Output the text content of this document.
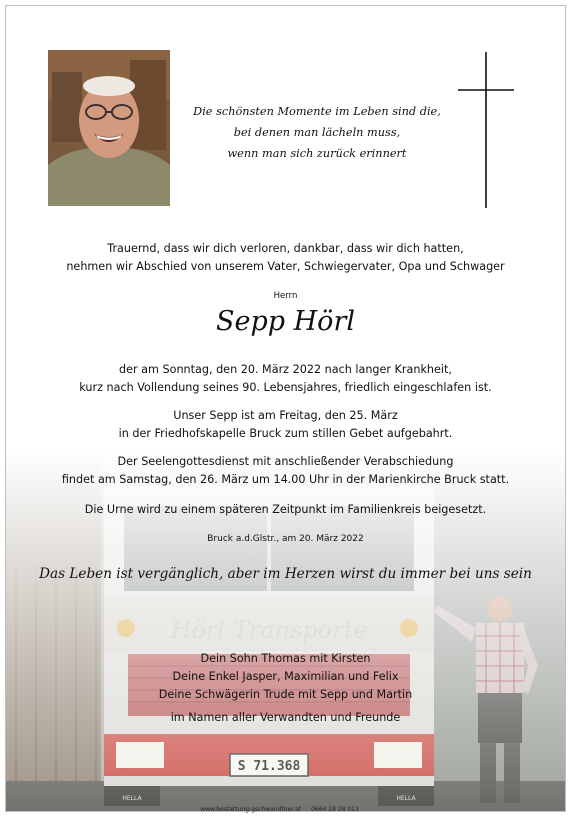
Die schönsten Momente im Leben sind die,
bei denen man lächeln muss,
wenn man sich zurück erinnert
Trauernd, dass wir dich verloren, dankbar, dass wir dich hatten,
nehmen wir Abschied von unserem Vater, Schwiegervater, Opa und Schwager
Herrn
Sepp Hörl
der am Sonntag, den 20. März 2022 nach langer Krankheit,
kurz nach Vollendung seines 90. Lebensjahres, friedlich eingeschlafen ist.
Unser Sepp ist am Freitag, den 25. März
in der Friedhofskapelle Bruck zum stillen Gebet aufgebahrt.
Der Seelengottesdienst mit anschließender Verabschiedung
findet am Samstag, den 26. März um 14.00 Uhr in der Marienkirche Bruck statt.
Die Urne wird zu einem späteren Zeitpunkt im Familienkreis beigesetzt.
Bruck a.d.Glstr., am 20. März 2022
Das Leben ist vergänglich, aber im Herzen wirst du immer bei uns sein
Dein Sohn Thomas mit Kirsten
Deine Enkel Jasper, Maximilian und Felix
Deine Schwägerin Trude mit Sepp und Martin
im Namen aller Verwandten und Freunde
www.bestattung-gschwandtner.at 0664 28 28 013
